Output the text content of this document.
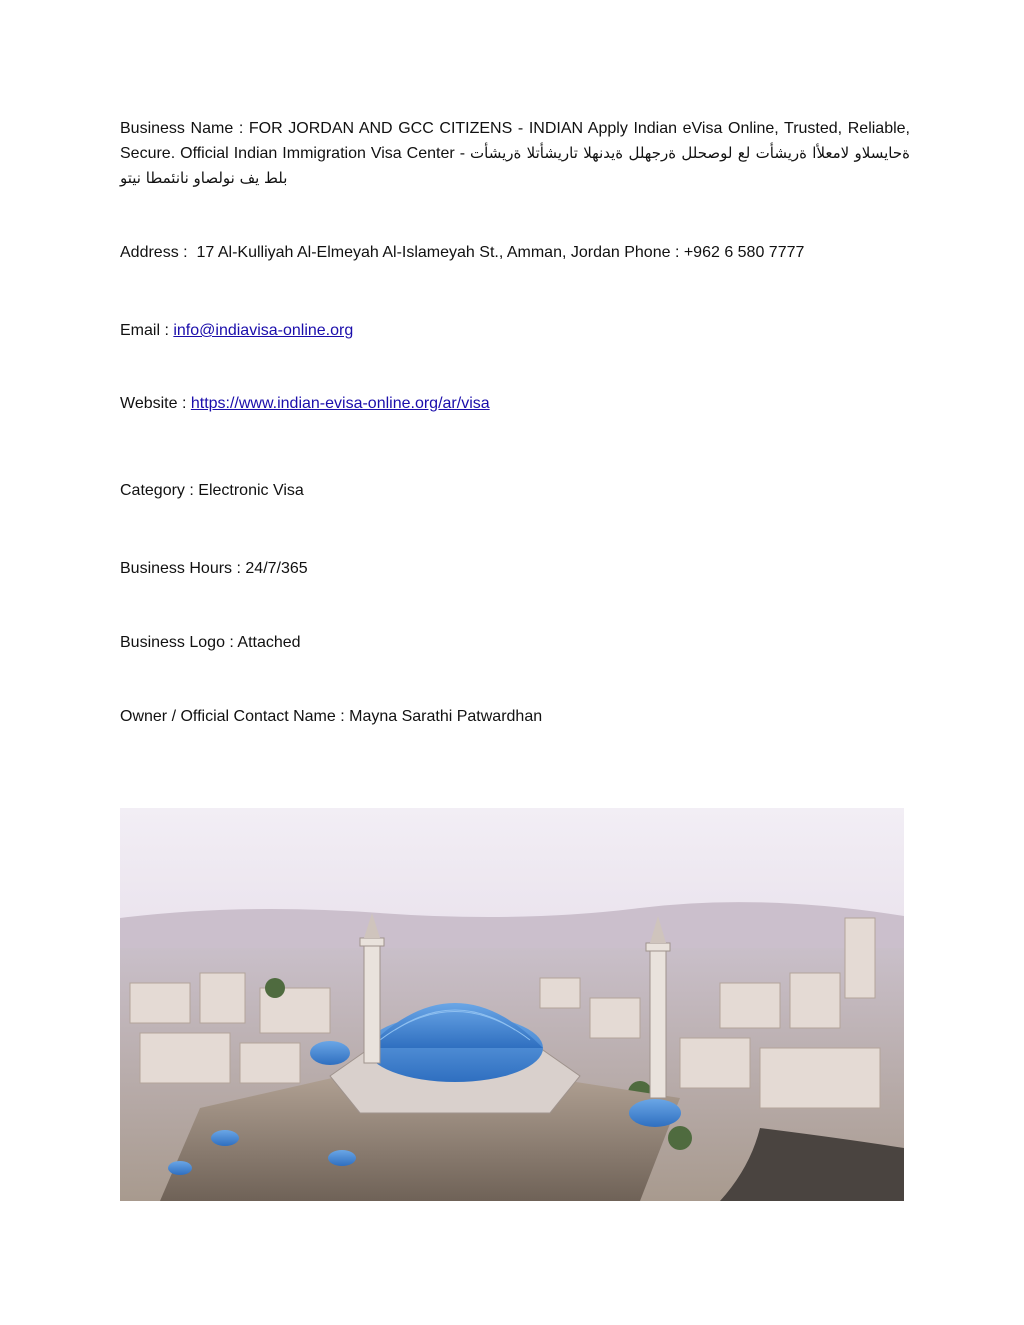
Business Name : FOR JORDAN AND GCC CITIZENS - INDIAN Apply Indian eVisa Online, Trusted, Reliable, Secure. Official Indian Immigration Visa Center - ةحايسلاو لامعلأا ةريشأت لع لوصحلل ةرجهلل ةيدنهلا تاريشأتلا ةريشأت بلط يف نولصاو نانئمطا نيتو
Address :  17 Al-Kulliyah Al-Elmeyah Al-Islameyah St., Amman, Jordan Phone : +962 6 580 7777
Email : info@indiavisa-online.org
Website : https://www.indian-evisa-online.org/ar/visa
Category : Electronic Visa
Business Hours : 24/7/365
Business Logo : Attached
Owner / Official Contact Name : Mayna Sarathi Patwardhan
